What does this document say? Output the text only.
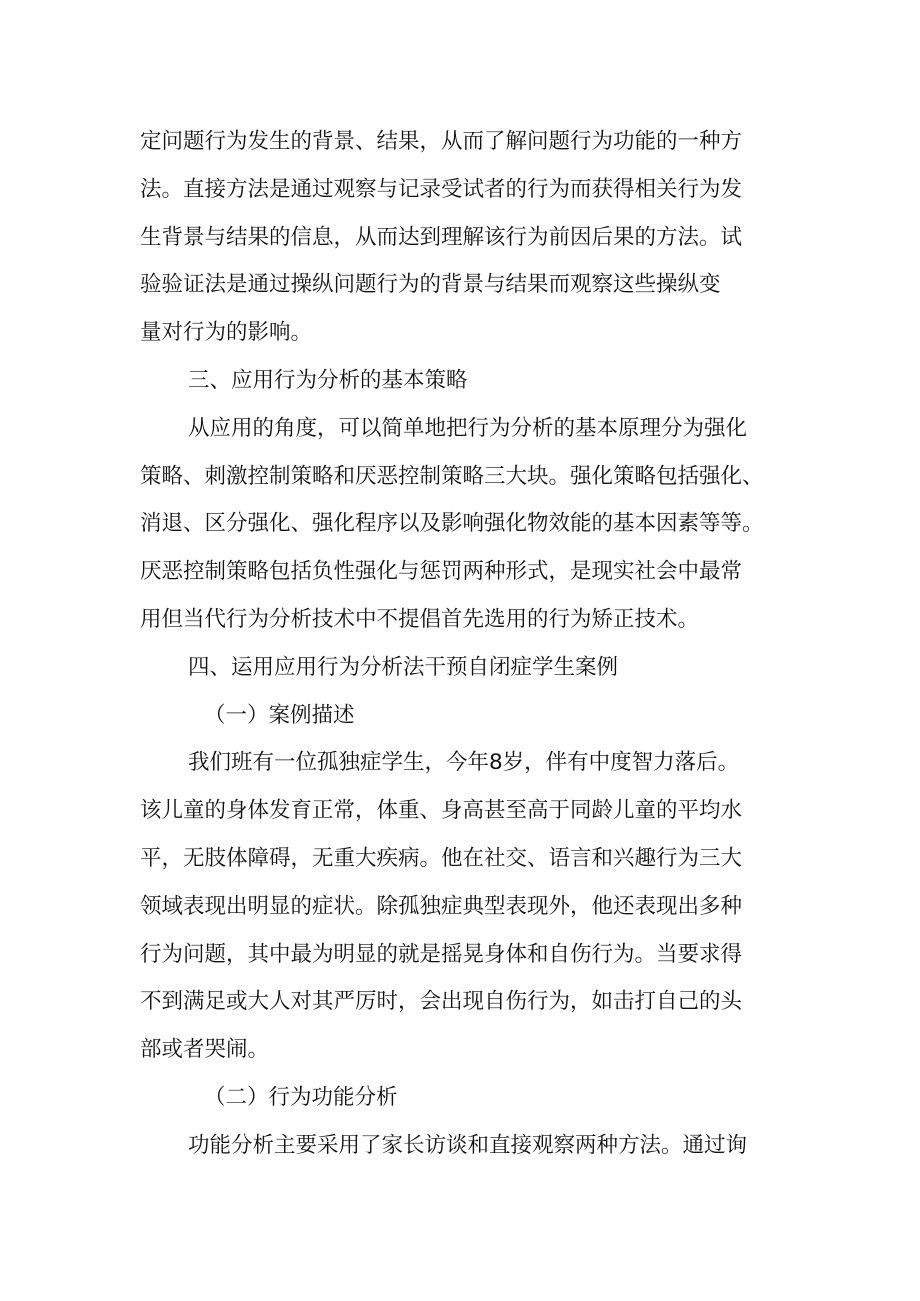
定问题行为发生的背景、结果，从而了解问题行为功能的一种方
法。直接方法是通过观察与记录受试者的行为而获得相关行为发
生背景与结果的信息，从而达到理解该行为前因后果的方法。试
验验证法是通过操纵问题行为的背景与结果而观察这些操纵变
量对行为的影响。
三、应用行为分析的基本策略
从应用的角度，可以简单地把行为分析的基本原理分为强化
策略、刺激控制策略和厌恶控制策略三大块。强化策略包括强化、
消退、区分强化、强化程序以及影响强化物效能的基本因素等等。
厌恶控制策略包括负性强化与惩罚两种形式，是现实社会中最常
用但当代行为分析技术中不提倡首先选用的行为矫正技术。
四、运用应用行为分析法干预自闭症学生案例
（一）案例描述
我们班有一位孤独症学生，今年8岁，伴有中度智力落后。
该儿童的身体发育正常，体重、身高甚至高于同龄儿童的平均水
平，无肢体障碍，无重大疾病。他在社交、语言和兴趣行为三大
领域表现出明显的症状。除孤独症典型表现外，他还表现出多种
行为问题，其中最为明显的就是摇晃身体和自伤行为。当要求得
不到满足或大人对其严厉时，会出现自伤行为，如击打自己的头
部或者哭闹。
（二）行为功能分析
功能分析主要采用了家长访谈和直接观察两种方法。通过询
